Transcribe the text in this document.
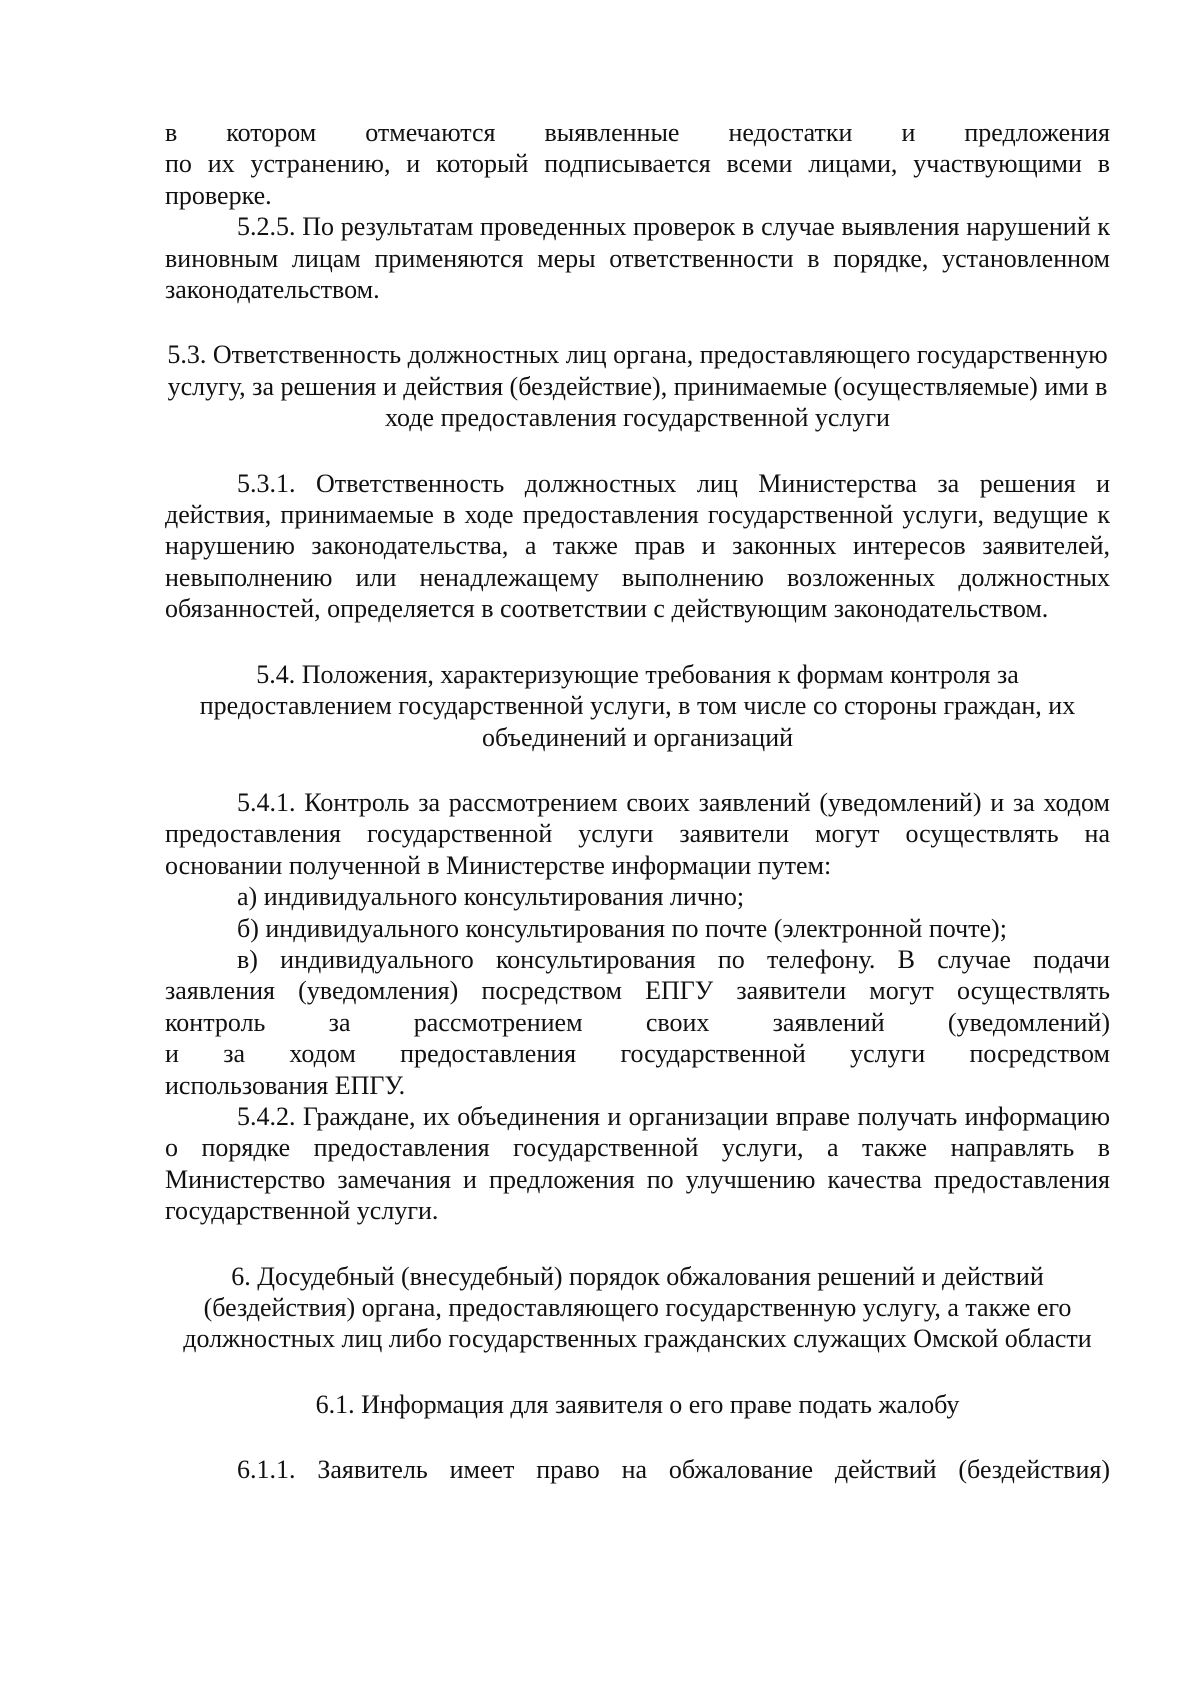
в котором отмечаются выявленные недостатки и предложения

по их устранению, и который подписывается всеми лицами, участвующими в проверке.

5.2.5. По результатам проведенных проверок в случае выявления нарушений к виновным лицам применяются меры ответственности в порядке, установленном законодательством.

5.3. Ответственность должностных лиц органа, предоставляющего государственную услугу, за решения и действия (бездействие), принимаемые (осуществляемые) ими в ходе предоставления государственной услуги

5.3.1. Ответственность должностных лиц Министерства за решения и действия, принимаемые в ходе предоставления государственной услуги, ведущие к нарушению законодательства, а также прав и законных интересов заявителей, невыполнению или ненадлежащему выполнению возложенных должностных обязанностей, определяется в соответствии с действующим законодательством.

5.4. Положения, характеризующие требования к формам контроля за предоставлением государственной услуги, в том числе со стороны граждан, их объединений и организаций

5.4.1. Контроль за рассмотрением своих заявлений (уведомлений) и за ходом предоставления государственной услуги заявители могут осуществлять на основании полученной в Министерстве информации путем:

а) индивидуального консультирования лично;

б) индивидуального консультирования по почте (электронной почте);

в) индивидуального консультирования по телефону. В случае подачи
заявления (уведомления) посредством ЕПГУ заявители могут осуществлять
контроль за рассмотрением своих заявлений (уведомлений)
и за ходом предоставления государственной услуги посредством

использования ЕПГУ.

5.4.2. Граждане, их объединения и организации вправе получать информацию о порядке предоставления государственной услуги, а также направлять в Министерство замечания и предложения по улучшению качества предоставления государственной услуги.

6. Досудебный (внесудебный) порядок обжалования решений и действий (бездействия) органа, предоставляющего государственную услугу, а также его должностных лиц либо государственных гражданских служащих Омской области

6.1. Информация для заявителя о его праве подать жалобу

6.1.1. Заявитель имеет право на обжалование действий (бездействия)
